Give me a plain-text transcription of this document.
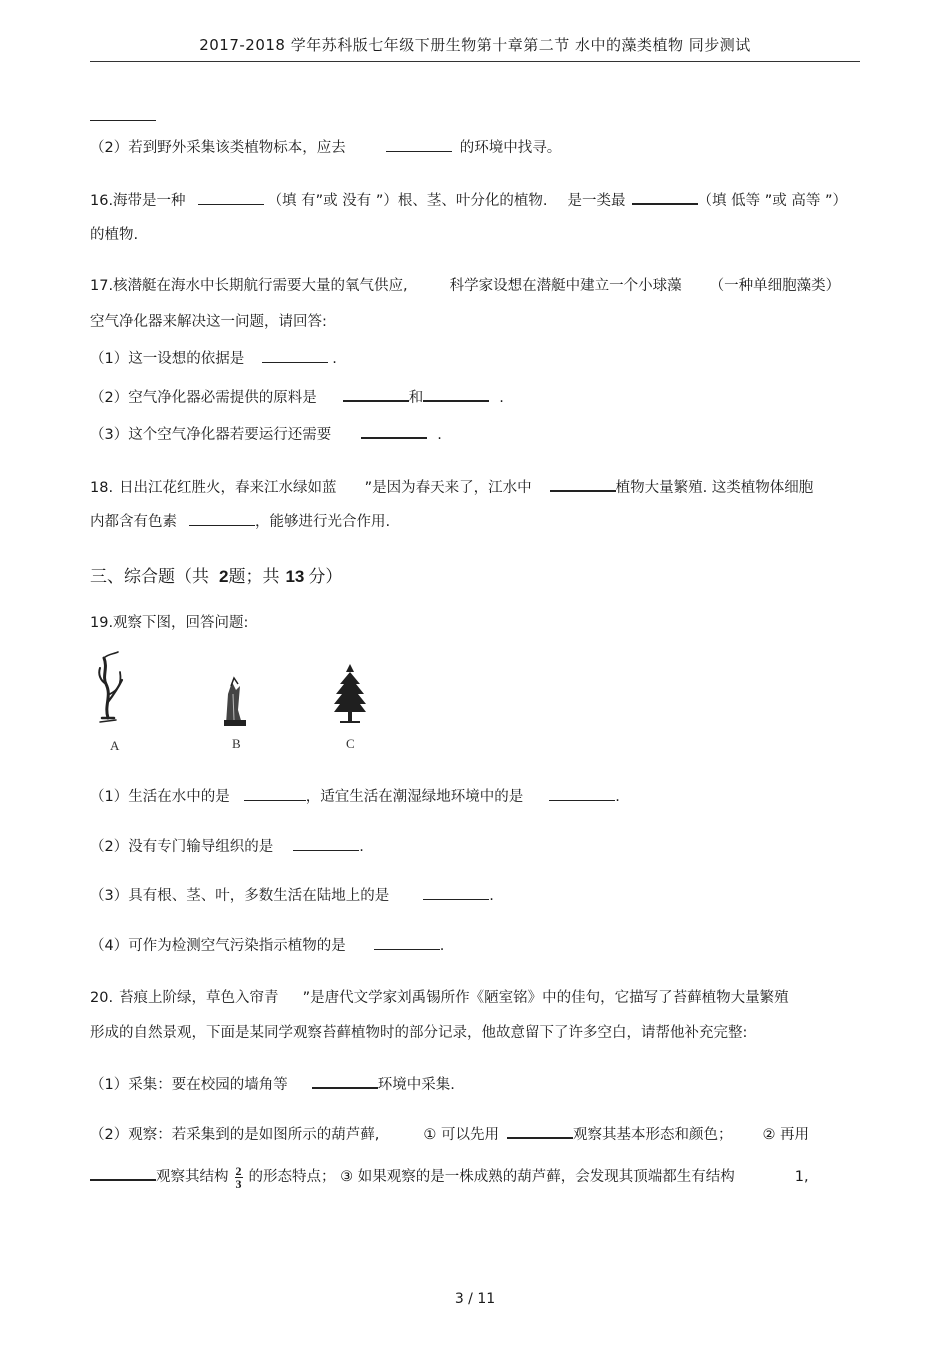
2017-2018 学年苏科版七年级下册生物第十章第二节 水中的藻类植物 同步测试
（2）若到野外采集该类植物标本，应去	的环境中找寻。
16.海带是一种	（填 有”或 没有 ”）根、茎、叶分化的植物. 是一类最	（填 低等 ”或 高等 ”）
的植物.
17.核潜艇在海水中长期航行需要大量的氧气供应,	科学家设想在潜艇中建立一个小球藻 （一种单细胞藻类）
空气净化器来解决这一问题，请回答:
（1）这一设想的依据是	.
（2）空气净化器必需提供的原料是	和	.
（3）这个空气净化器若要运行还需要	.
18. 日出江花红胜火，春来江水绿如蓝 ”是因为春天来了，江水中	植物大量繁殖. 这类植物体细胞
内都含有色素	，能够进行光合作用.
三、综合题（共 2题；共 13 分）
19.观察下图，回答问题:
A	B	C
（1）生活在水中的是	，适宜生活在潮湿绿地环境中的是	.
（2）没有专门输导组织的是	.
（3）具有根、茎、叶，多数生活在陆地上的是	.
（4）可作为检测空气污染指示植物的是	.
20. 苔痕上阶绿，草色入帘青 ”是唐代文学家刘禹锡所作《陋室铭》中的佳句，它描写了苔藓植物大量繁殖
形成的自然景观，下面是某同学观察苔藓植物时的部分记录，他故意留下了许多空白，请帮他补充完整:
（1）采集：要在校园的墙角等	环境中采集.
（2）观察：若采集到的是如图所示的葫芦藓,	① 可以先用	观察其基本形态和颜色； ② 再用
观察其结构 $\frac{2}{3}$ 的形态特点； ③ 如果观察的是一株成熟的葫芦藓，会发现其顶端都生有结构	1,
3 / 11
